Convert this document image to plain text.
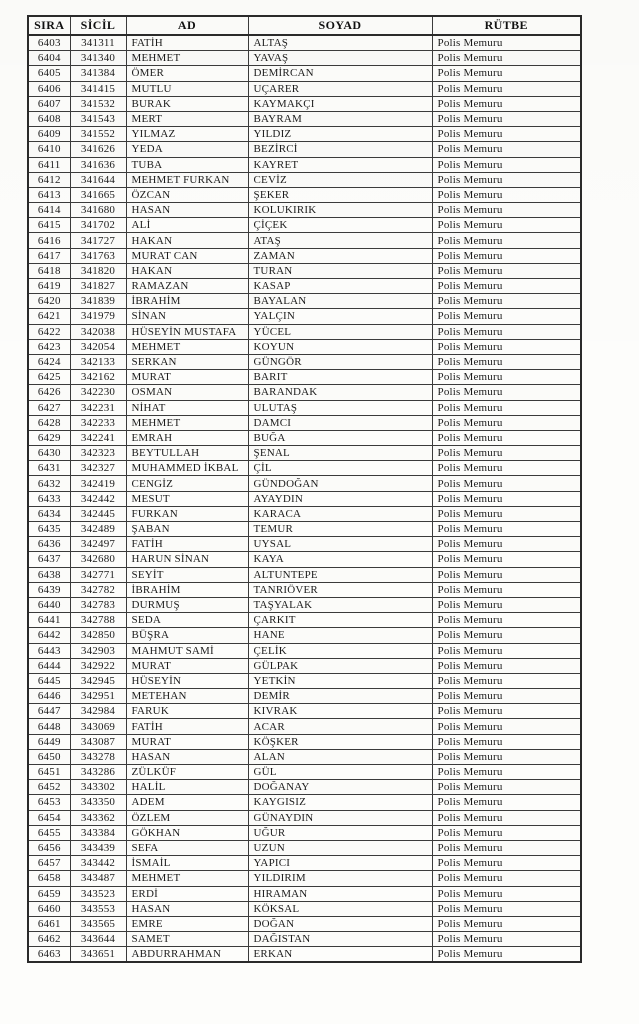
SIRA	SİCİL	AD	SOYAD	RÜTBE
6403	341311	FATİH	ALTAŞ	Polis Memuru
6404	341340	MEHMET	YAVAŞ	Polis Memuru
6405	341384	ÖMER	DEMİRCAN	Polis Memuru
6406	341415	MUTLU	UÇARER	Polis Memuru
6407	341532	BURAK	KAYMAKÇI	Polis Memuru
6408	341543	MERT	BAYRAM	Polis Memuru
6409	341552	YILMAZ	YILDIZ	Polis Memuru
6410	341626	YEDA	BEZİRCİ	Polis Memuru
6411	341636	TUBA	KAYRET	Polis Memuru
6412	341644	MEHMET FURKAN	CEVİZ	Polis Memuru
6413	341665	ÖZCAN	ŞEKER	Polis Memuru
6414	341680	HASAN	KOLUKIRIK	Polis Memuru
6415	341702	ALİ	ÇİÇEK	Polis Memuru
6416	341727	HAKAN	ATAŞ	Polis Memuru
6417	341763	MURAT CAN	ZAMAN	Polis Memuru
6418	341820	HAKAN	TURAN	Polis Memuru
6419	341827	RAMAZAN	KASAP	Polis Memuru
6420	341839	İBRAHİM	BAYALAN	Polis Memuru
6421	341979	SİNAN	YALÇIN	Polis Memuru
6422	342038	HÜSEYİN MUSTAFA	YÜCEL	Polis Memuru
6423	342054	MEHMET	KOYUN	Polis Memuru
6424	342133	SERKAN	GÜNGÖR	Polis Memuru
6425	342162	MURAT	BARIT	Polis Memuru
6426	342230	OSMAN	BARANDAK	Polis Memuru
6427	342231	NİHAT	ULUTAŞ	Polis Memuru
6428	342233	MEHMET	DAMCI	Polis Memuru
6429	342241	EMRAH	BUĞA	Polis Memuru
6430	342323	BEYTULLAH	ŞENAL	Polis Memuru
6431	342327	MUHAMMED İKBAL	ÇİL	Polis Memuru
6432	342419	CENGİZ	GÜNDOĞAN	Polis Memuru
6433	342442	MESUT	AYAYDIN	Polis Memuru
6434	342445	FURKAN	KARACA	Polis Memuru
6435	342489	ŞABAN	TEMUR	Polis Memuru
6436	342497	FATİH	UYSAL	Polis Memuru
6437	342680	HARUN SİNAN	KAYA	Polis Memuru
6438	342771	SEYİT	ALTUNTEPE	Polis Memuru
6439	342782	İBRAHİM	TANRIÖVER	Polis Memuru
6440	342783	DURMUŞ	TAŞYALAK	Polis Memuru
6441	342788	SEDA	ÇARKIT	Polis Memuru
6442	342850	BÜŞRA	HANE	Polis Memuru
6443	342903	MAHMUT SAMİ	ÇELİK	Polis Memuru
6444	342922	MURAT	GÜLPAK	Polis Memuru
6445	342945	HÜSEYİN	YETKİN	Polis Memuru
6446	342951	METEHAN	DEMİR	Polis Memuru
6447	342984	FARUK	KIVRAK	Polis Memuru
6448	343069	FATİH	ACAR	Polis Memuru
6449	343087	MURAT	KÖŞKER	Polis Memuru
6450	343278	HASAN	ALAN	Polis Memuru
6451	343286	ZÜLKÜF	GÜL	Polis Memuru
6452	343302	HALİL	DOĞANAY	Polis Memuru
6453	343350	ADEM	KAYGISIZ	Polis Memuru
6454	343362	ÖZLEM	GÜNAYDIN	Polis Memuru
6455	343384	GÖKHAN	UĞUR	Polis Memuru
6456	343439	SEFA	UZUN	Polis Memuru
6457	343442	İSMAİL	YAPICI	Polis Memuru
6458	343487	MEHMET	YILDIRIM	Polis Memuru
6459	343523	ERDİ	HIRAMAN	Polis Memuru
6460	343553	HASAN	KÖKSAL	Polis Memuru
6461	343565	EMRE	DOĞAN	Polis Memuru
6462	343644	SAMET	DAĞISTAN	Polis Memuru
6463	343651	ABDURRAHMAN	ERKAN	Polis Memuru
